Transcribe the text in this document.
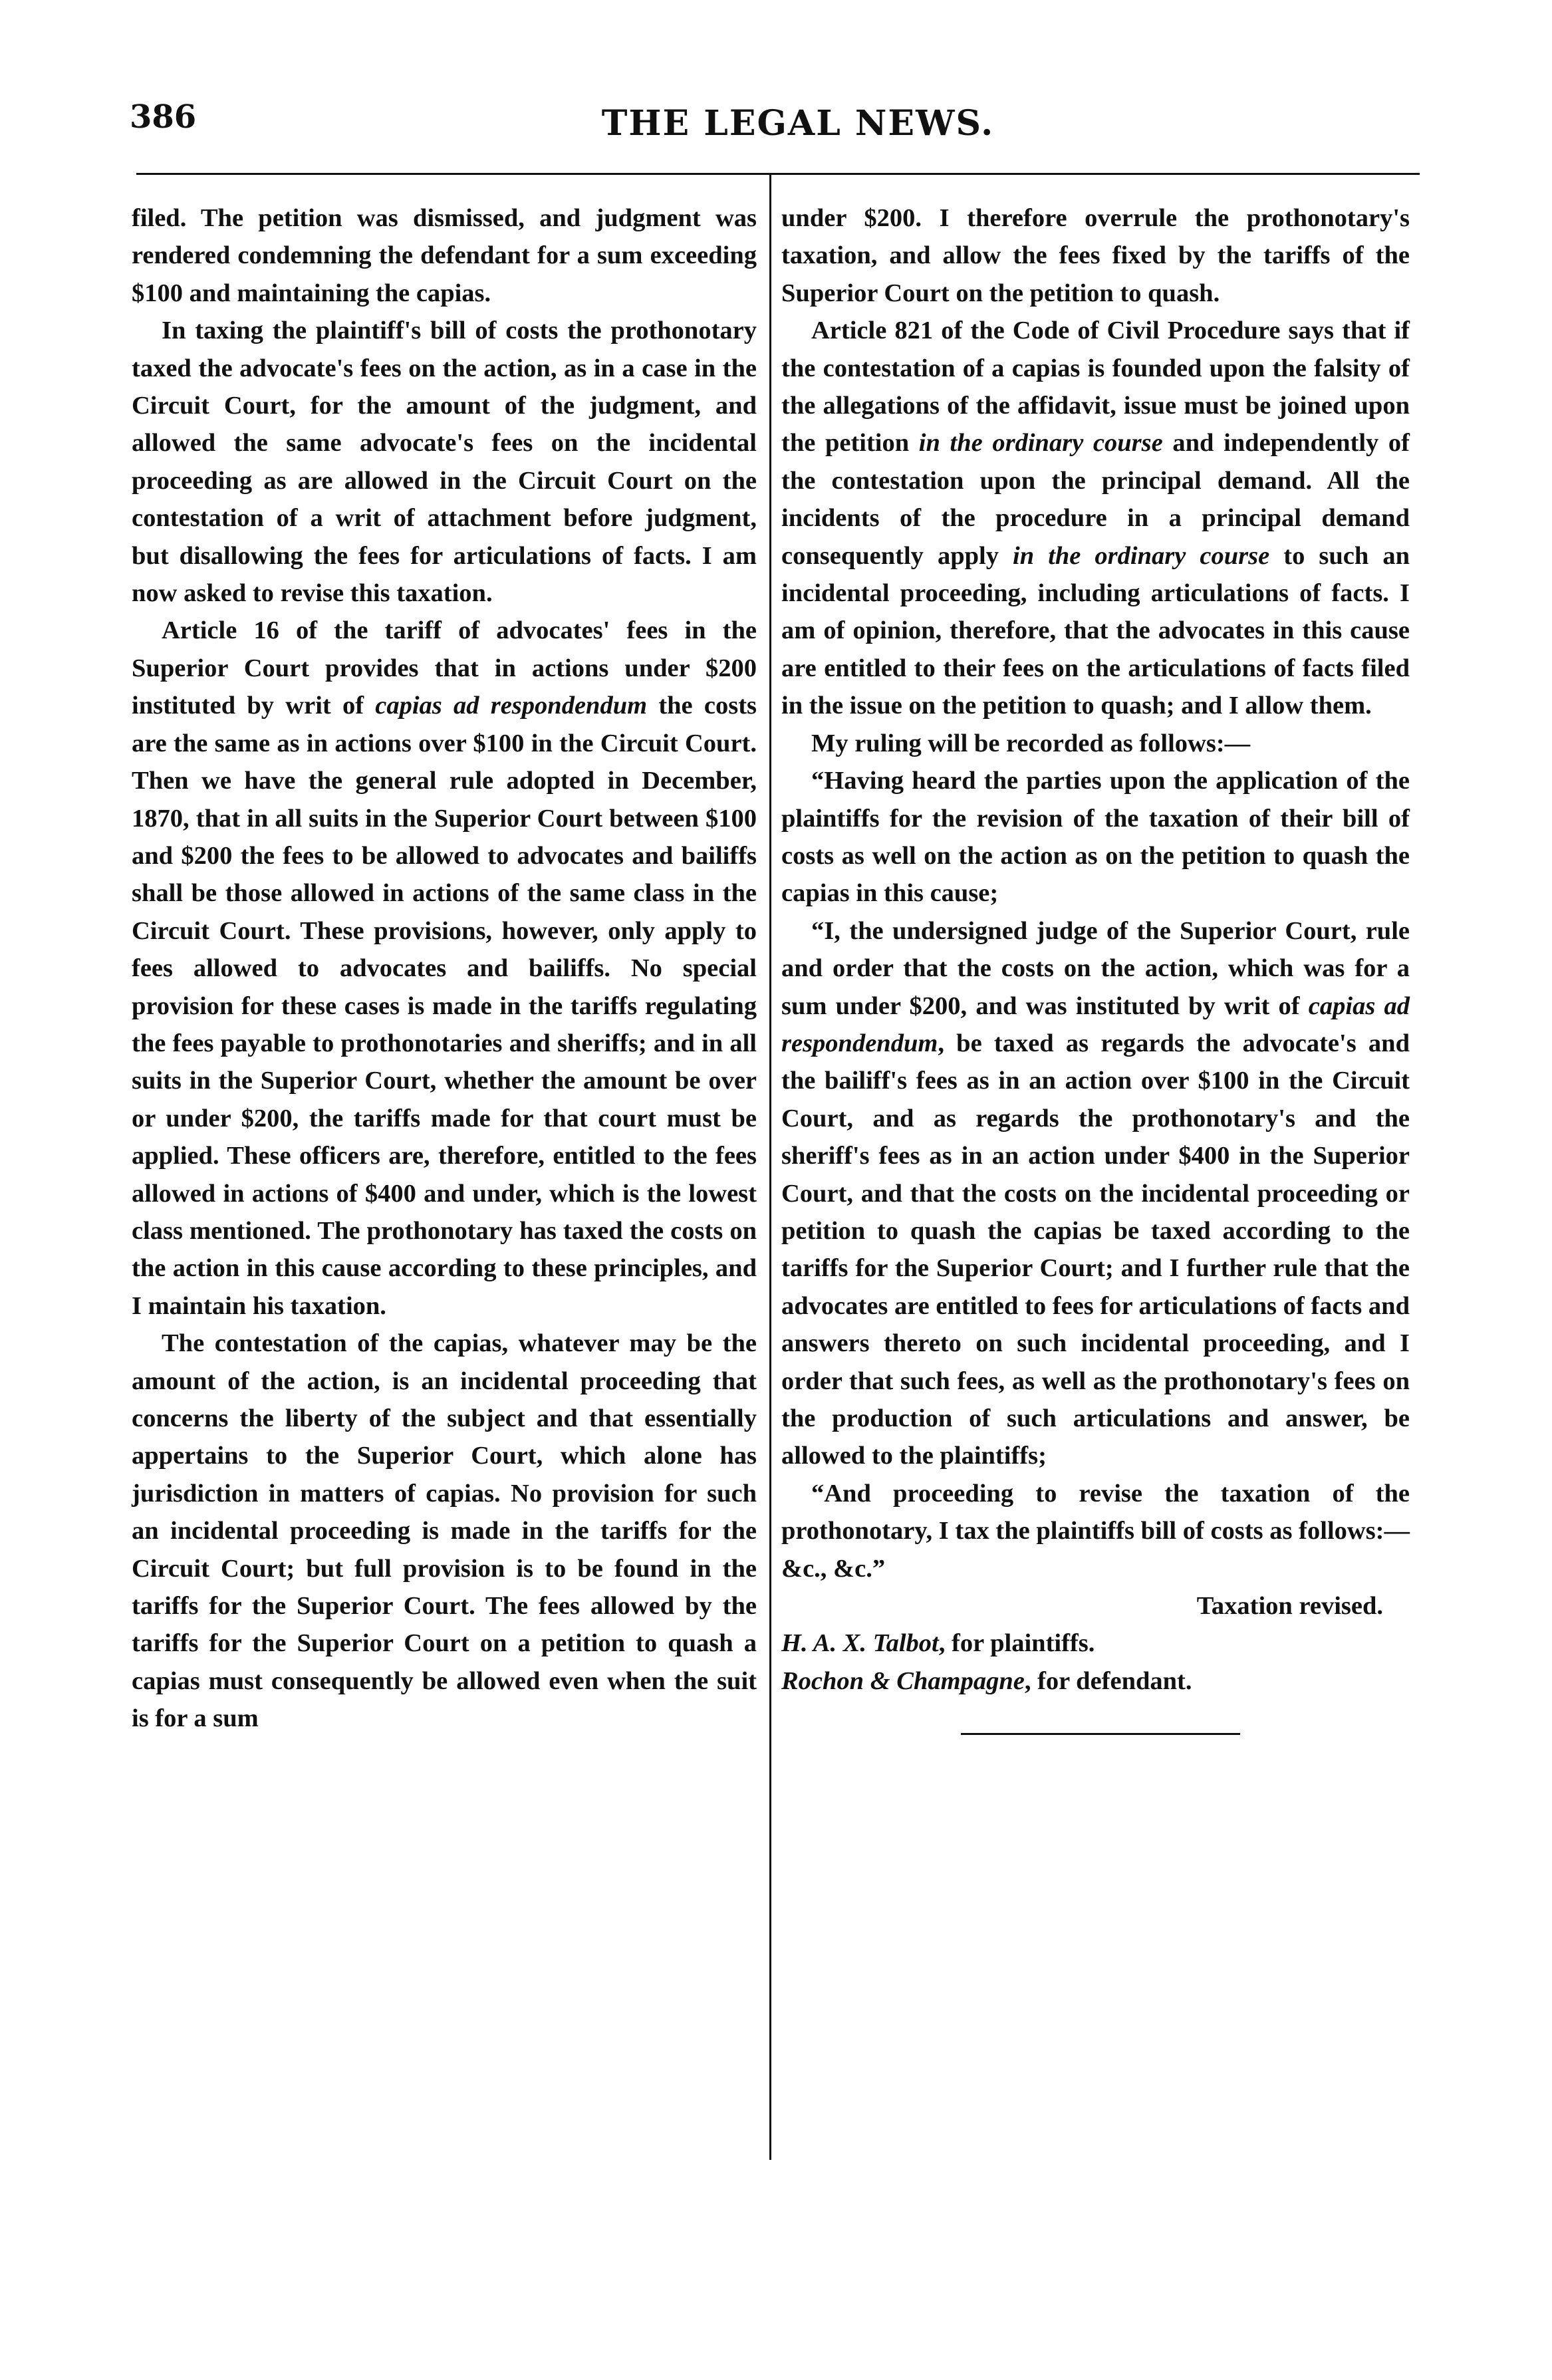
386	THE LEGAL NEWS.

filed. The petition was dismissed, and judgment was rendered condemning the defendant for a sum exceeding $100 and maintaining the capias.

In taxing the plaintiff's bill of costs the prothonotary taxed the advocate's fees on the action, as in a case in the Circuit Court, for the amount of the judgment, and allowed the same advocate's fees on the incidental proceeding as are allowed in the Circuit Court on the contestation of a writ of attachment before judgment, but disallowing the fees for articulations of facts. I am now asked to revise this taxation.

Article 16 of the tariff of advocates' fees in the Superior Court provides that in actions under $200 instituted by writ of capias ad respondendum the costs are the same as in actions over $100 in the Circuit Court. Then we have the general rule adopted in December, 1870, that in all suits in the Superior Court between $100 and $200 the fees to be allowed to advocates and bailiffs shall be those allowed in actions of the same class in the Circuit Court. These provisions, however, only apply to fees allowed to advocates and bailiffs. No special provision for these cases is made in the tariffs regulating the fees payable to prothonotaries and sheriffs; and in all suits in the Superior Court, whether the amount be over or under $200, the tariffs made for that court must be applied. These officers are, therefore, entitled to the fees allowed in actions of $400 and under, which is the lowest class mentioned. The prothonotary has taxed the costs on the action in this cause according to these principles, and I maintain his taxation.

The contestation of the capias, whatever may be the amount of the action, is an incidental proceeding that concerns the liberty of the subject and that essentially appertains to the Superior Court, which alone has jurisdiction in matters of capias. No provision for such an incidental proceeding is made in the tariffs for the Circuit Court; but full provision is to be found in the tariffs for the Superior Court. The fees allowed by the tariffs for the Superior Court on a petition to quash a capias must consequently be allowed even when the suit is for a sum

under $200. I therefore overrule the prothonotary's taxation, and allow the fees fixed by the tariffs of the Superior Court on the petition to quash.

Article 821 of the Code of Civil Procedure says that if the contestation of a capias is founded upon the falsity of the allegations of the affidavit, issue must be joined upon the petition in the ordinary course and independently of the contestation upon the principal demand. All the incidents of the procedure in a principal demand consequently apply in the ordinary course to such an incidental proceeding, including articulations of facts. I am of opinion, therefore, that the advocates in this cause are entitled to their fees on the articulations of facts filed in the issue on the petition to quash; and I allow them.

My ruling will be recorded as follows:—

“Having heard the parties upon the application of the plaintiffs for the revision of the taxation of their bill of costs as well on the action as on the petition to quash the capias in this cause;

“I, the undersigned judge of the Superior Court, rule and order that the costs on the action, which was for a sum under $200, and was instituted by writ of capias ad respondendum, be taxed as regards the advocate's and the bailiff's fees as in an action over $100 in the Circuit Court, and as regards the prothonotary's and the sheriff's fees as in an action under $400 in the Superior Court, and that the costs on the incidental proceeding or petition to quash the capias be taxed according to the tariffs for the Superior Court; and I further rule that the advocates are entitled to fees for articulations of facts and answers thereto on such incidental proceeding, and I order that such fees, as well as the prothonotary's fees on the production of such articulations and answer, be allowed to the plaintiffs;

“And proceeding to revise the taxation of the prothonotary, I tax the plaintiffs bill of costs as follows:—&c., &c.”

Taxation revised.

H. A. X. Talbot, for plaintiffs.

Rochon & Champagne, for defendant.
